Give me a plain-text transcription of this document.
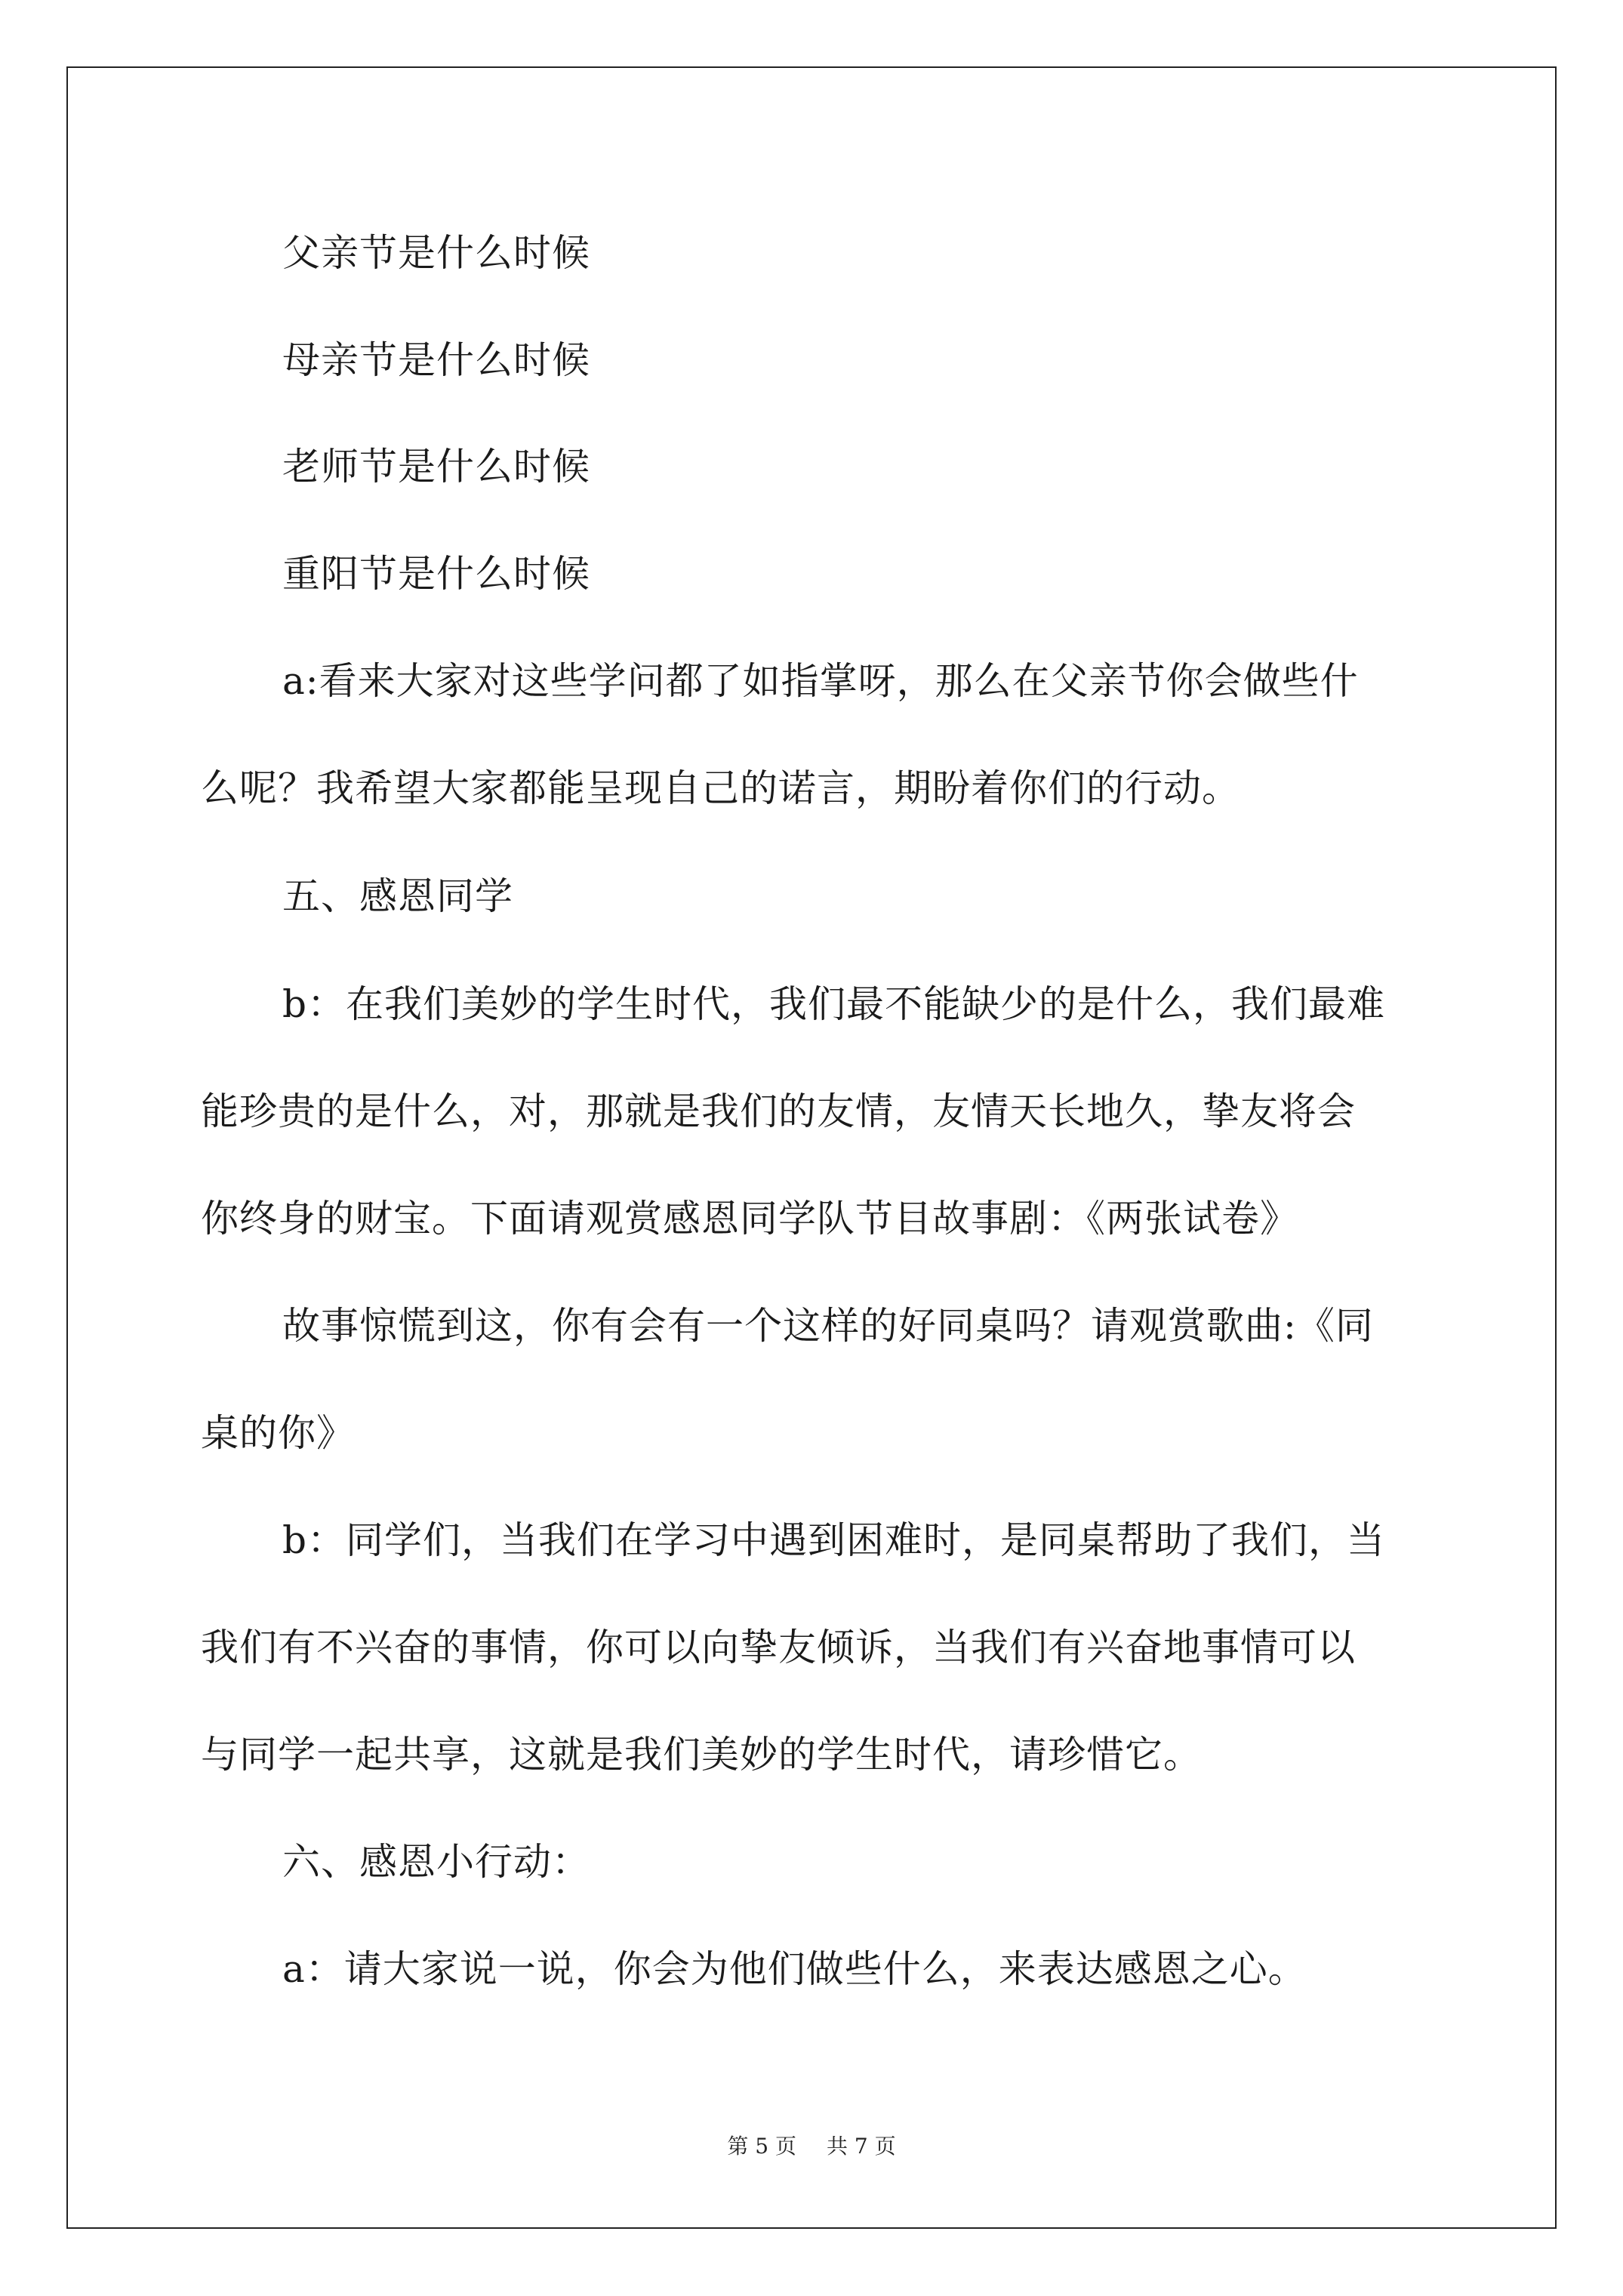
父亲节是什么时候
母亲节是什么时候
老师节是什么时候
重阳节是什么时候
a:看来大家对这些学问都了如指掌呀，那么在父亲节你会做些什
么呢？我希望大家都能呈现自己的诺言，期盼着你们的行动。
五、感恩同学
b：在我们美妙的学生时代，我们最不能缺少的是什么，我们最难
能珍贵的是什么，对，那就是我们的友情，友情天长地久，挚友将会
你终身的财宝。下面请观赏感恩同学队节目故事剧：《两张试卷》
故事惊慌到这，你有会有一个这样的好同桌吗？请观赏歌曲:《同
桌的你》
b：同学们，当我们在学习中遇到困难时，是同桌帮助了我们，当
我们有不兴奋的事情，你可以向挚友倾诉，当我们有兴奋地事情可以
与同学一起共享，这就是我们美妙的学生时代，请珍惜它。
六、感恩小行动：
a：请大家说一说，你会为他们做些什么，来表达感恩之心。
第 5 页 共 7 页
